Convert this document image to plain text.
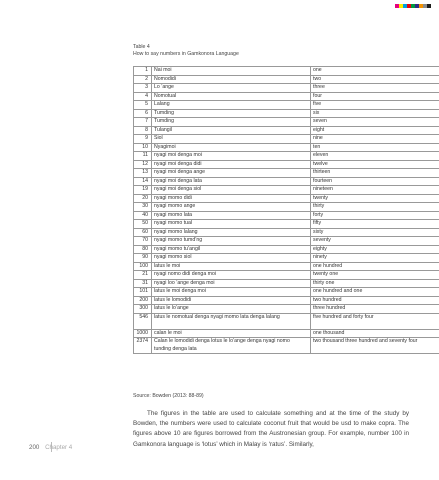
Table 4
How to say numbers in Gamkonora Language
1	Nai moi	one
2	Nomodidi	two
3	Lo ’ange	three
4	Nomotual	four
5	Lalang	five
6	Tumding	six
7	Tumding	seven
8	Tulangil	eight
9	Siol	nine
10	Nyagimoi	ten
11	nyagi moi denga moi	eleven
12	nyagi moi denga didi	twelve
13	nyagi moi denga ange	thirteen
14	nyagi moi denga lata	fourteen
19	nyagi moi denga siol	nineteen
20	nyagi momo didi	twenty
30	nyagi momo ange	thirty
40	nyagi momo lata	forty
50	nyagi momo tual	fifty
60	nyagi momo lalang	sixty
70	nyagi momo tumd’ng	seventy
80	nyagi momo tu’angil	eighty
90	nyagi momo siol	ninety
100	latus le moi	one hundred
21	nyagi nomo didi denga moi	twenty one
31	nyagi loo ’ange denga moi	thirty one
101	latus le moi denga moi	one hundred and one
200	latus le lomodidi	two hundred
300	latus le lo’ange	three hundred
546	latus le nomotual denga nyagi momo lata denga lalang	five hundred and forty four
1000	calan le moi	one thousand
2374	Calan le lomodidi denga lotus le lo’ange denga nyagi nomo tunding denga lata	two thousand three hundred and seventy four
Source: Bowden (2013: 88-89)

The figures in the table are used to calculate something and at the time of the study by Bowden, the numbers were used to calculate coconut fruit that would be usd to make copra. The figures above 10 are figures borrowed from the Austronesian group. For example, number 100 in Gamkonora language is ‘lotus’ which in Malay is ‘ratus’. Similarly,

200 Chapter 4
